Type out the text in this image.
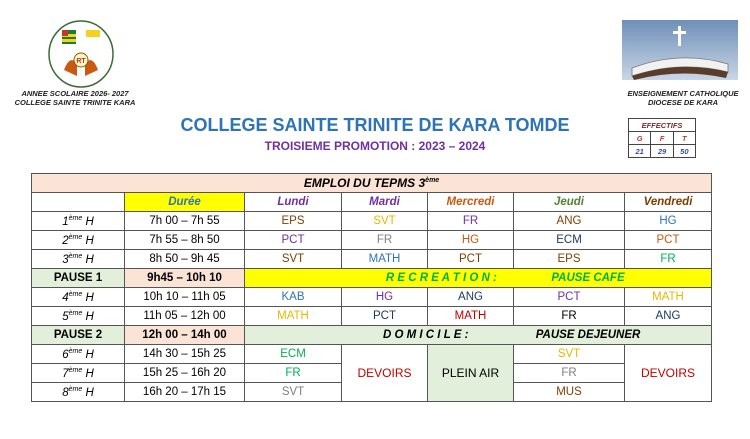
RT
ANNEE SCOLAIRE 2026- 2027
COLLEGE SAINTE TRINITE KARA
ENSEIGNEMENT CATHOLIQUE
DIOCESE DE KARA
COLLEGE SAINTE TRINITE DE KARA TOMDE
TROISIEME PROMOTION : 2023 – 2024
EFFECTIFS		
G	F	T
21	29	50
EMPLOI DU TEPMS 3ème
	Durée	Lundi	Mardi	Mercredi	Jeudi	Vendredi
1ème H	7h 00 – 7h 55	EPS	SVT	FR	ANG	HG
2ème H	7h 55 – 8h 50	PCT	FR	HG	ECM	PCT
3ème H	8h 50 – 9h 45	SVT	MATH	PCT	EPS	FR
PAUSE 1	9h45 – 10h 10	R E C R E A T I O N : PAUSE CAFE				
4ème H	10h 10 – 11h 05	KAB	HG	ANG	PCT	MATH
5ème H	11h 05 – 12h 00	MATH	PCT	MATH	FR	ANG
PAUSE 2	12h 00 – 14h 00	D O M I C I L E : PAUSE DEJEUNER				
6ème H	14h 30 – 15h 25	ECM	DEVOIRS	PLEIN AIR	SVT	DEVOIRS
7ème H	15h 25 – 16h 20	FR			FR	
8ème H	16h 20 – 17h 15	SVT			MUS	
